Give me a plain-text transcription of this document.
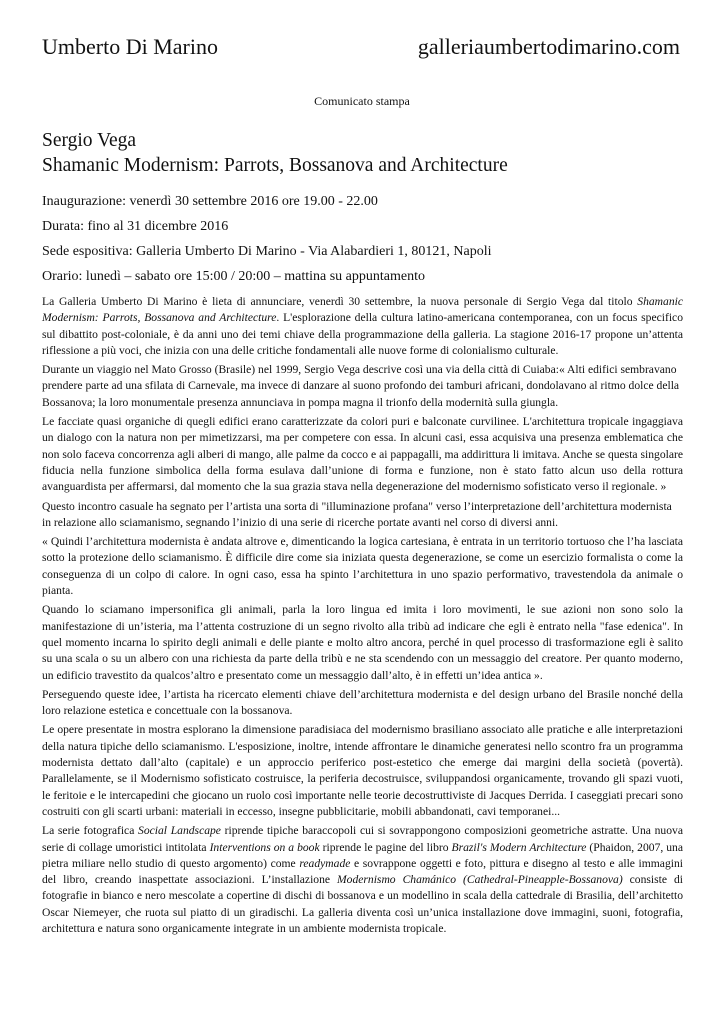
Umberto Di Marino	galleriaumbertodimarino.com
Comunicato stampa
Sergio Vega
Shamanic Modernism: Parrots, Bossanova and Architecture
Inaugurazione: venerdì 30 settembre 2016 ore 19.00 - 22.00
Durata: fino al 31 dicembre 2016
Sede espositiva: Galleria Umberto Di Marino - Via Alabardieri 1, 80121, Napoli
Orario: lunedì – sabato ore 15:00 / 20:00 – mattina su appuntamento

La Galleria Umberto Di Marino è lieta di annunciare, venerdì 30 settembre, la nuova personale di Sergio Vega dal titolo Shamanic Modernism: Parrots, Bossanova and Architecture. L'esplorazione della cultura latino-americana contemporanea, con un focus specifico sul dibattito post-coloniale, è da anni uno dei temi chiave della programmazione della galleria. La stagione 2016-17 propone un’attenta riflessione a più voci, che inizia con una delle critiche fondamentali alle nuove forme di colonialismo culturale.

Durante un viaggio nel Mato Grosso (Brasile) nel 1999, Sergio Vega descrive così una via della città di Cuiaba:« Alti edifici sembravano prendere parte ad una sfilata di Carnevale, ma invece di danzare al suono profondo dei tamburi africani, dondolavano al ritmo dolce della Bossanova; la loro monumentale presenza annunciava in pompa magna il trionfo della modernità sulla giungla.

Le facciate quasi organiche di quegli edifici erano caratterizzate da colori puri e balconate curvilinee. L'architettura tropicale ingaggiava un dialogo con la natura non per mimetizzarsi, ma per competere con essa. In alcuni casi, essa acquisiva una presenza emblematica che non solo faceva concorrenza agli alberi di mango, alle palme da cocco e ai pappagalli, ma addirittura li imitava. Anche se questa singolare fiducia nella funzione simbolica della forma esulava dall’unione di forma e funzione, non è stato fatto alcun uso della rottura avanguardista per affermarsi, dal momento che la sua grazia stava nella degenerazione del modernismo sofisticato verso il regionale. »

Questo incontro casuale ha segnato per l’artista una sorta di "illuminazione profana" verso l’interpretazione dell’architettura modernista in relazione allo sciamanismo, segnando l’inizio di una serie di ricerche portate avanti nel corso di diversi anni.

« Quindi l’architettura modernista è andata altrove e, dimenticando la logica cartesiana, è entrata in un territorio tortuoso che l’ha lasciata sotto la protezione dello sciamanismo. È difficile dire come sia iniziata questa degenerazione, se come un esercizio formalista o come la conseguenza di un colpo di calore. In ogni caso, essa ha spinto l’architettura in uno spazio performativo, travestendola da animale o pianta.

Quando lo sciamano impersonifica gli animali, parla la loro lingua ed imita i loro movimenti, le sue azioni non sono solo la manifestazione di un’isteria, ma l’attenta costruzione di un segno rivolto alla tribù ad indicare che egli è entrato nella "fase edenica". In quel momento incarna lo spirito degli animali e delle piante e molto altro ancora, perché in quel processo di trasformazione egli è salito su una scala o su un albero con una richiesta da parte della tribù e ne sta scendendo con un messaggio del creatore. Per quanto moderno, un edificio travestito da qualcos’altro e presentato come un messaggio dall’alto, è in effetti un’idea antica ».

Perseguendo queste idee, l’artista ha ricercato elementi chiave dell’architettura modernista e del design urbano del Brasile nonché della loro relazione estetica e concettuale con la bossanova.

Le opere presentate in mostra esplorano la dimensione paradisiaca del modernismo brasiliano associato alle pratiche e alle interpretazioni della natura tipiche dello sciamanismo. L'esposizione, inoltre, intende affrontare le dinamiche generatesi nello scontro fra un programma modernista dettato dall’alto (capitale) e un approccio periferico post-estetico che emerge dai margini della società (povertà). Parallelamente, se il Modernismo sofisticato costruisce, la periferia decostruisce, sviluppandosi organicamente, trovando gli spazi vuoti, le feritoie e le intercapedini che giocano un ruolo così importante nelle teorie decostruttiviste di Jacques Derrida. I caseggiati precari sono costruiti con gli scarti urbani: materiali in eccesso, insegne pubblicitarie, mobili abbandonati, cavi temporanei...

La serie fotografica Social Landscape riprende tipiche baraccopoli cui si sovrappongono composizioni geometriche astratte. Una nuova serie di collage umoristici intitolata Interventions on a book riprende le pagine del libro Brazil's Modern Architecture (Phaidon, 2007, una pietra miliare nello studio di questo argomento) come readymade e sovrappone oggetti e foto, pittura e disegno al testo e alle immagini del libro, creando inaspettate associazioni. L’installazione Modernismo Chamánico (Cathedral-Pineapple-Bossanova) consiste di fotografie in bianco e nero mescolate a copertine di dischi di bossanova e un modellino in scala della cattedrale di Brasilia, dell’architetto Oscar Niemeyer, che ruota sul piatto di un giradischi. La galleria diventa così un’unica installazione dove immagini, suoni, fotografia, architettura e natura sono organicamente integrate in un ambiente modernista tropicale.
